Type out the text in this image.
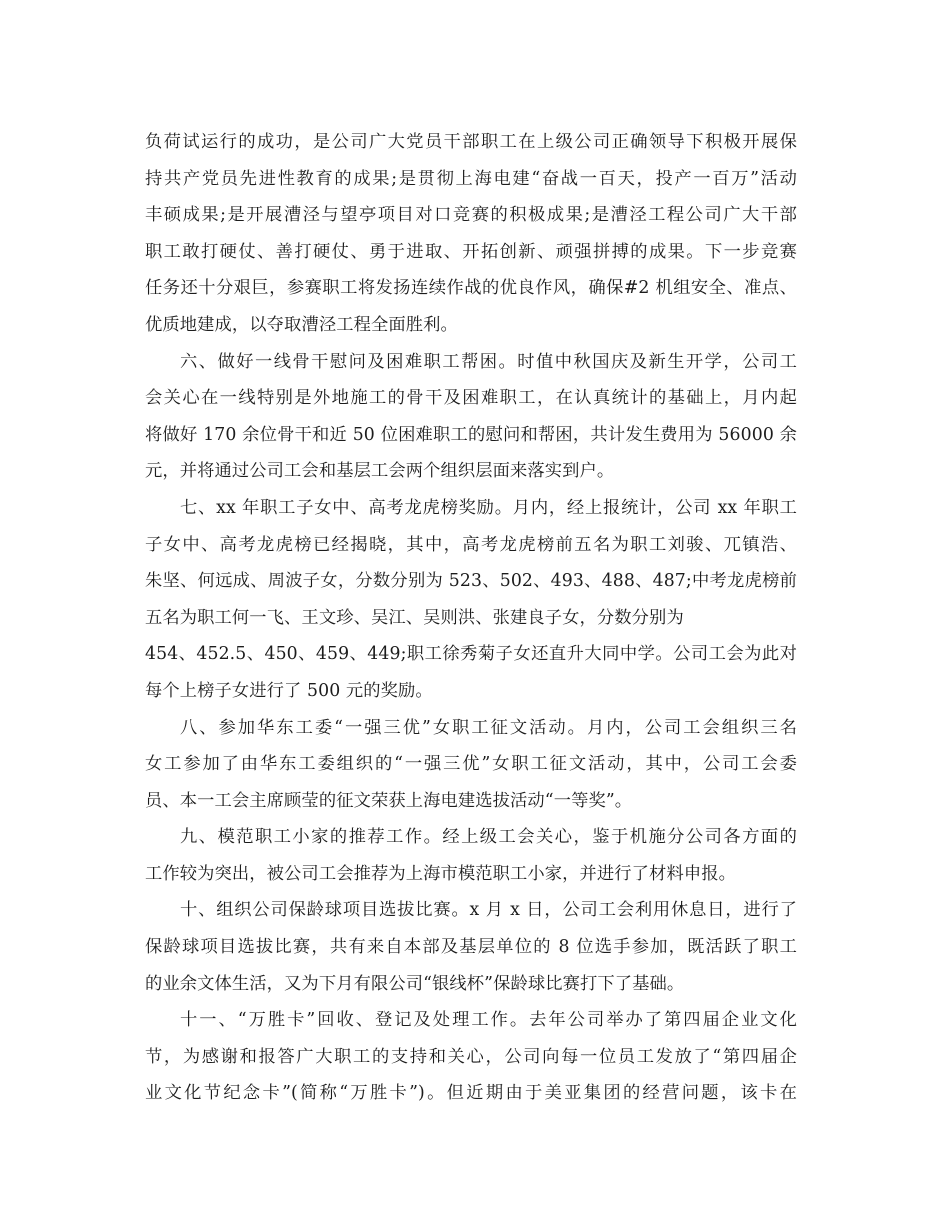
负荷试运行的成功，是公司广大党员干部职工在上级公司正确领导下积极开展保
持共产党员先进性教育的成果;是贯彻上海电建“奋战一百天，投产一百万”活动
丰硕成果;是开展漕泾与望亭项目对口竞赛的积极成果;是漕泾工程公司广大干部
职工敢打硬仗、善打硬仗、勇于进取、开拓创新、顽强拼搏的成果。下一步竞赛
任务还十分艰巨，参赛职工将发扬连续作战的优良作风，确保#2 机组安全、准点、
优质地建成，以夺取漕泾工程全面胜利。
六、做好一线骨干慰问及困难职工帮困。时值中秋国庆及新生开学，公司工
会关心在一线特别是外地施工的骨干及困难职工，在认真统计的基础上，月内起
将做好 170 余位骨干和近 50 位困难职工的慰问和帮困，共计发生费用为 56000 余
元，并将通过公司工会和基层工会两个组织层面来落实到户。
七、xx 年职工子女中、高考龙虎榜奖励。月内，经上报统计，公司 xx 年职工
子女中、高考龙虎榜已经揭晓，其中，高考龙虎榜前五名为职工刘骏、兀镇浩、
朱坚、何远成、周波子女，分数分别为 523、502、493、488、487;中考龙虎榜前
五名为职工何一飞、王文珍、吴江、吴则洪、张建良子女，分数分别为
454、452.5、450、459、449;职工徐秀菊子女还直升大同中学。公司工会为此对
每个上榜子女进行了 500 元的奖励。
八、参加华东工委“一强三优”女职工征文活动。月内，公司工会组织三名
女工参加了由华东工委组织的“一强三优”女职工征文活动，其中，公司工会委
员、本一工会主席顾莹的征文荣获上海电建选拔活动“一等奖”。
九、模范职工小家的推荐工作。经上级工会关心，鉴于机施分公司各方面的
工作较为突出，被公司工会推荐为上海市模范职工小家，并进行了材料申报。
十、组织公司保龄球项目选拔比赛。x 月 x 日，公司工会利用休息日，进行了
保龄球项目选拔比赛，共有来自本部及基层单位的 8 位选手参加，既活跃了职工
的业余文体生活，又为下月有限公司“银线杯”保龄球比赛打下了基础。
十一、“万胜卡”回收、登记及处理工作。去年公司举办了第四届企业文化
节，为感谢和报答广大职工的支持和关心，公司向每一位员工发放了“第四届企
业文化节纪念卡”(简称“万胜卡”)。但近期由于美亚集团的经营问题，该卡在
